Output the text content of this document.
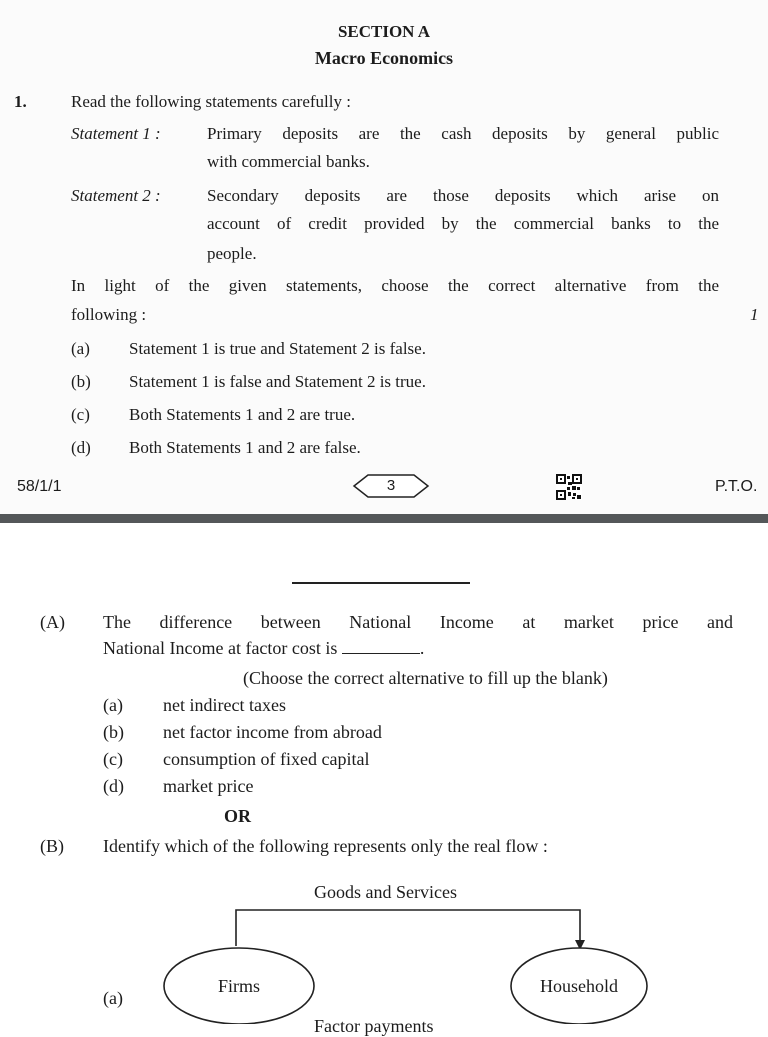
SECTION A
Macro Economics
1.	Read the following statements carefully :
Statement 1 :	Primary deposits are the cash deposits by general public
with commercial banks.
Statement 2 :	Secondary deposits are those deposits which arise on
account of credit provided by the commercial banks to the
people.
In light of the given statements, choose the correct alternative from the
following :	1
(a) Statement 1 is true and Statement 2 is false.
(b) Statement 1 is false and Statement 2 is true.
(c) Both Statements 1 and 2 are true.
(d) Both Statements 1 and 2 are false.
58/1/1	3	P.T.O.
(A) The difference between National Income at market price and
National Income at factor cost is	.
(Choose the correct alternative to fill up the blank)
(a) net indirect taxes
(b) net factor income from abroad
(c) consumption of fixed capital
(d) market price
OR
(B) Identify which of the following represents only the real flow :
Goods and Services
Firms	Household
(a)
Factor payments
